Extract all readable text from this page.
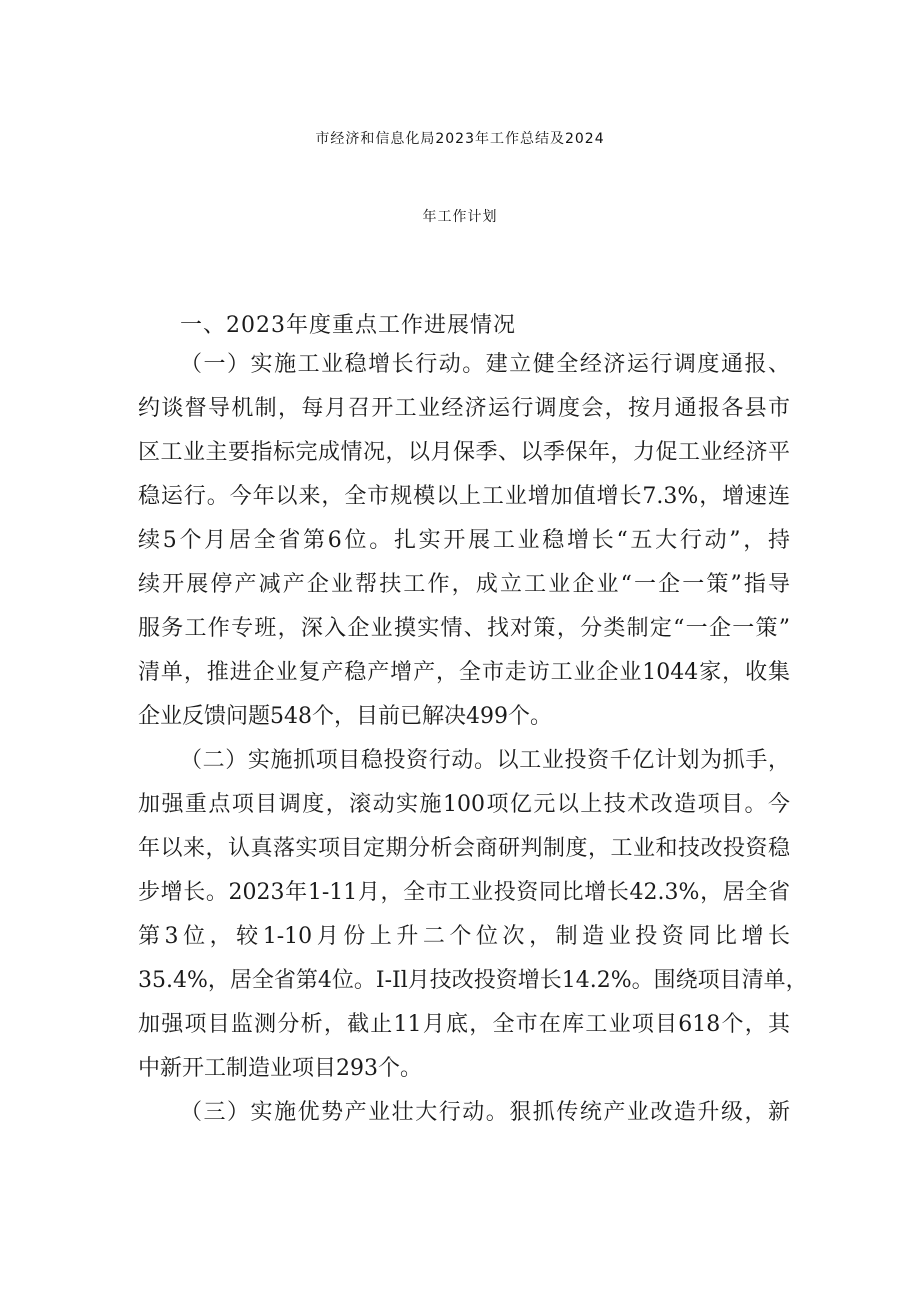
市经济和信息化局2023年工作总结及2024
年工作计划
一、2023年度重点工作进展情况
（一）实施工业稳增长行动。建立健全经济运行调度通报、
约谈督导机制，每月召开工业经济运行调度会，按月通报各县市
区工业主要指标完成情况，以月保季、以季保年，力促工业经济平
稳运行。今年以来，全市规模以上工业增加值增长7.3%，增速连
续5个月居全省第6位。扎实开展工业稳增长“五大行动”，持
续开展停产减产企业帮扶工作，成立工业企业“一企一策”指导
服务工作专班，深入企业摸实情、找对策，分类制定“一企一策”
清单，推进企业复产稳产增产，全市走访工业企业1044家，收集
企业反馈问题548个，目前已解决499个。
（二）实施抓项目稳投资行动。以工业投资千亿计划为抓手，
加强重点项目调度，滚动实施100项亿元以上技术改造项目。今
年以来，认真落实项目定期分析会商研判制度，工业和技改投资稳
步增长。2023年1-11月，全市工业投资同比增长42.3%，居全省
第3位，较1-10月份上升二个位次，制造业投资同比增长
35.4%，居全省第4位。I-Il月技改投资增长14.2%。围绕项目清单，
加强项目监测分析，截止11月底，全市在库工业项目618个，其
中新开工制造业项目293个。
（三）实施优势产业壮大行动。狠抓传统产业改造升级，新
